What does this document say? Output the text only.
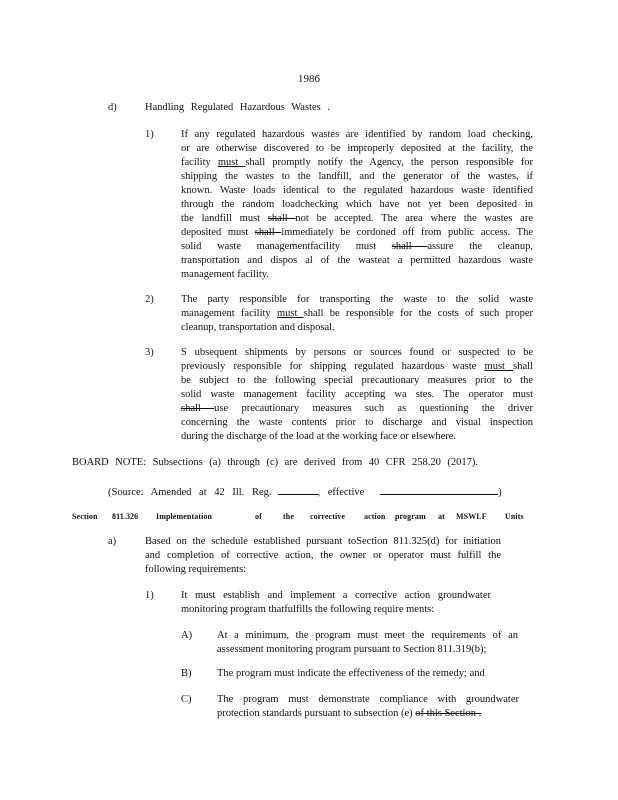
1986
d)	Handling Regulated Hazardous Wastes .
1)	If any regulated hazardous wastes are identified by random load checking,
or are otherwise discovered to be improperly deposited at the facility, the
facility must shall promptly notify the Agency, the person responsible for
shipping the wastes to the landfill, and the generator of the wastes, if
known. Waste loads identical to the regulated hazardous waste identified
through the random loadchecking which have not yet been deposited in
the landfill must shall not be accepted. The area where the wastes are
deposited must shall immediately be cordoned off from public access. The
solid waste managementfacility must shall assure the cleanup,
transportation and dispos al of the wasteat a permitted hazardous waste
management facility.
2)	The party responsible for transporting the waste to the solid waste
management facility must shall be responsible for the costs of such proper
cleanup, transportation and disposal.
3)	S ubsequent shipments by persons or sources found or suspected to be
previously responsible for shipping regulated hazardous waste must shall
be subject to the following special precautionary measures prior to the
solid waste management facility accepting wa stes. The operator must
shall use precautionary measures such as questioning the driver
concerning the waste contents prior to discharge and visual inspection
during the discharge of the load at the working face or elsewhere.
BOARD NOTE: Subsections (a) through (c) are derived from 40 CFR 258.20 (2017).
(Source: Amended at 42 Ill. Reg.	, effective	)
Section 811.326 Implementation	of	the corrective action program at MSWLF Units
a)	Based on the schedule established pursuant toSection 811.325(d) for initiation
and completion of corrective action, the owner or operator must fulfill the
following requirements:
1)	It must establish and implement a corrective action groundwater
monitoring program thatfulfills the following require ments:
A) At a minimum, the program must meet the requirements of an
assessment monitoring program pursuant to Section 811.319(b);
B) The program must indicate the effectiveness of the remedy; and
C) The program must demonstrate compliance with groundwater
protection standards pursuant to subsection (e) of this Section .
